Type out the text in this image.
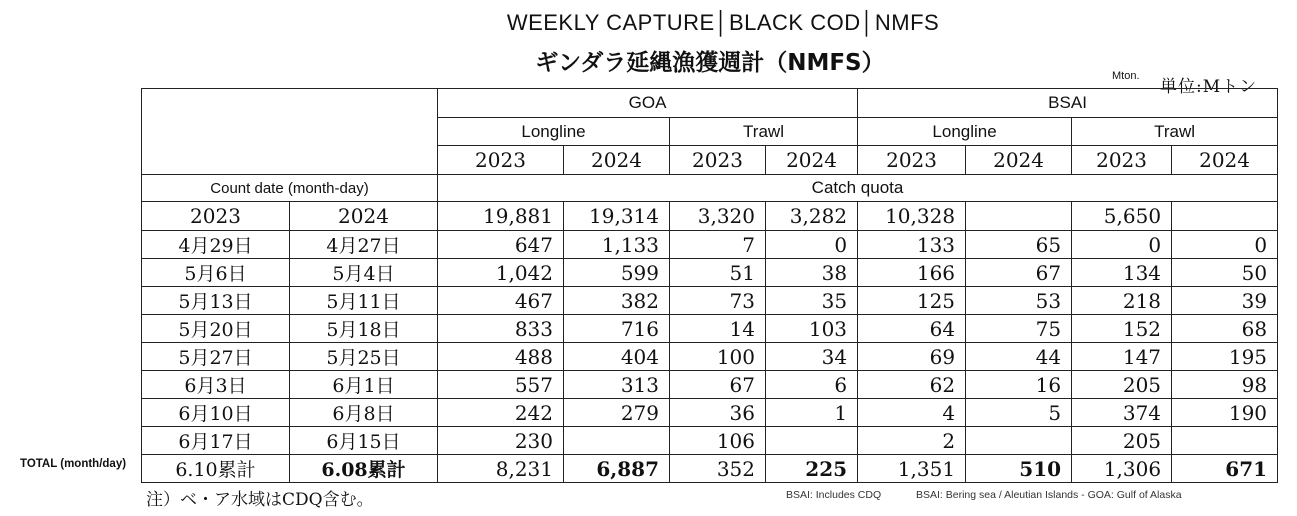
WEEKLY CAPTURE│BLACK COD│NMFS
ギンダラ延縄漁獲週計（NMFS）	Mton.
単位:Mトン
		GOA				BSAI			
		Longline		Trawl		Longline		Trawl	
		2023	2024	2023	2024	2023	2024	2023	2024
Count date (month-day)		Catch quota							
2023	2024	19,881	19,314	3,320	3,282	10,328		5,650	
4月29日	4月27日	647	1,133	7	0	133	65	0	0
5月6日	5月4日	1,042	599	51	38	166	67	134	50
5月13日	5月11日	467	382	73	35	125	53	218	39
5月20日	5月18日	833	716	14	103	64	75	152	68
5月27日	5月25日	488	404	100	34	69	44	147	195
6月3日	6月1日	557	313	67	6	62	16	205	98
6月10日	6月8日	242	279	36	1	4	5	374	190
6月17日	6月15日	230		106		2		205	
6.10累計	6.08累計	8,231	6,887	352	225	1,351	510	1,306	671
TOTAL (month/day)
注）ベ・ア水域はCDQ含む。	BSAI: Includes CDQ	BSAI: Bering sea / Aleutian Islands - GOA: Gulf of Alaska
